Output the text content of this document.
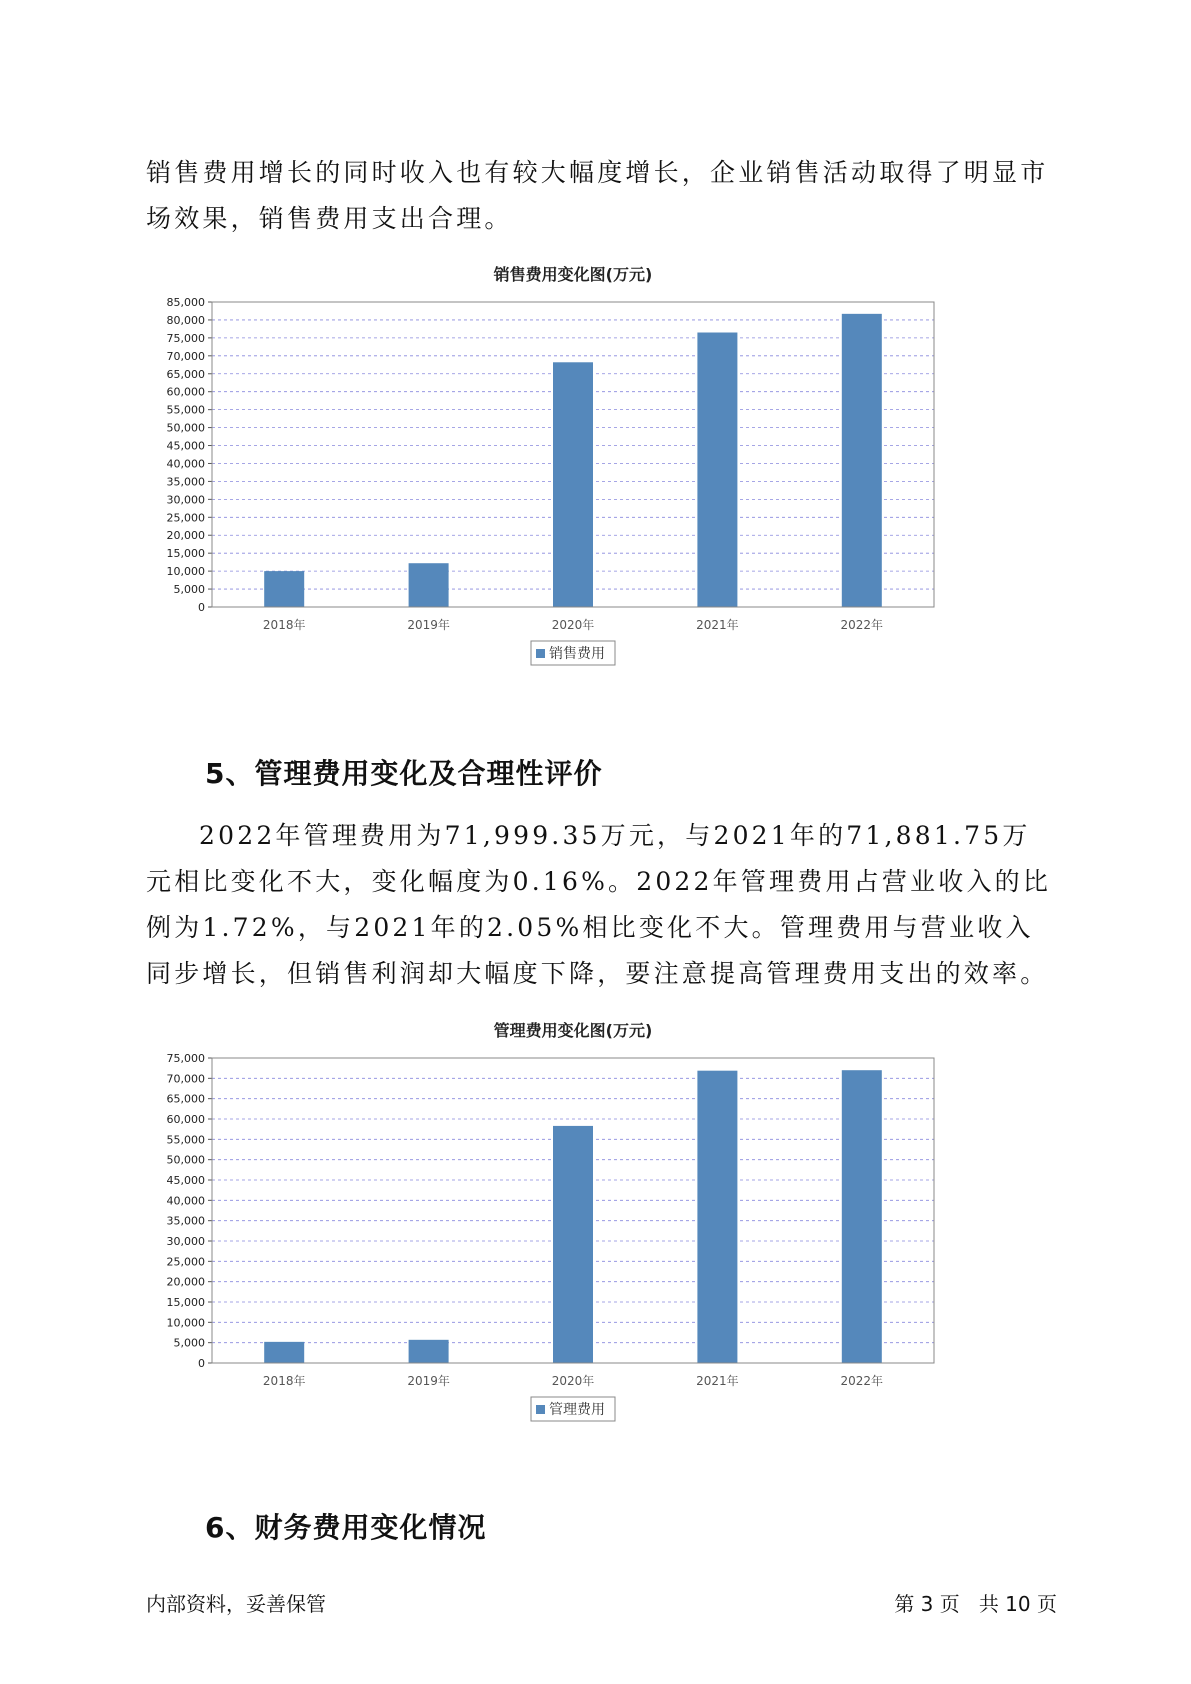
销售费用增长的同时收入也有较大幅度增长，企业销售活动取得了明显市场效果，销售费用支出合理。

销售费用变化图(万元)
0
5,000
10,000
15,000
20,000
25,000
30,000
35,000
40,000
45,000
50,000
55,000
60,000
65,000
70,000
75,000
80,000
85,000
2018年	2019年	2020年	2021年	2022年
销售费用
5、管理费用变化及合理性评价

2022年管理费用为71,999.35万元，与2021年的71,881.75万元相比变化不大，变化幅度为0.16%。2022年管理费用占营业收入的比例为1.72%，与2021年的2.05%相比变化不大。管理费用与营业收入同步增长，但销售利润却大幅度下降，要注意提高管理费用支出的效率。

管理费用变化图(万元)
0
5,000
10,000
15,000
20,000
25,000
30,000
35,000
40,000
45,000
50,000
55,000
60,000
65,000
70,000
75,000
2018年	2019年	2020年	2021年	2022年
管理费用
6、财务费用变化情况
内部资料，妥善保管	第 3 页   共 10 页
